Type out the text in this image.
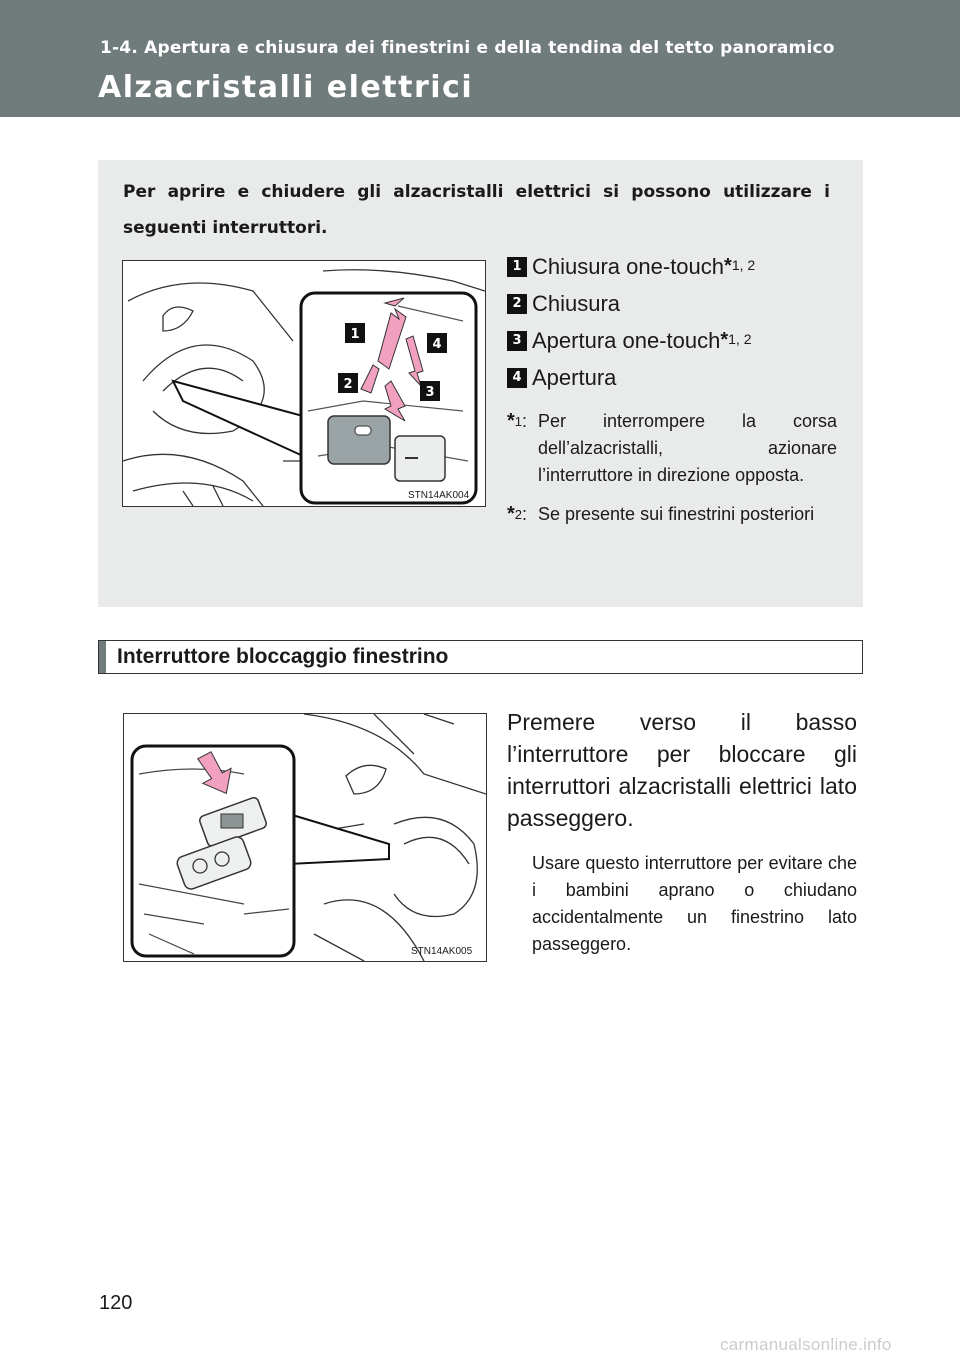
1-4. Apertura e chiusura dei finestrini e della tendina del tetto panoramico
Alzacristalli elettrici
Per aprire e chiudere gli alzacristalli elettrici si possono utilizzare i seguenti interruttori.
1
4
2
3
STN14AK004
1 Chiusura one-touch * 1, 2
2 Chiusura
3 Apertura one-touch * 1, 2
4 Apertura
*$^1$: Per interrompere la corsa dell’alzacristalli, azionare l’interruttore in direzione opposta.
*$^2$: Se presente sui finestrini posteriori
Interruttore bloccaggio finestrino
STN14AK005
Premere verso il basso l’interruttore per bloccare gli interruttori alzacristalli elettrici lato passeggero.
Usare questo interruttore per evitare che i bambini aprano o chiudano accidentalmente un finestrino lato passeggero.
120
carmanualsonline.info
